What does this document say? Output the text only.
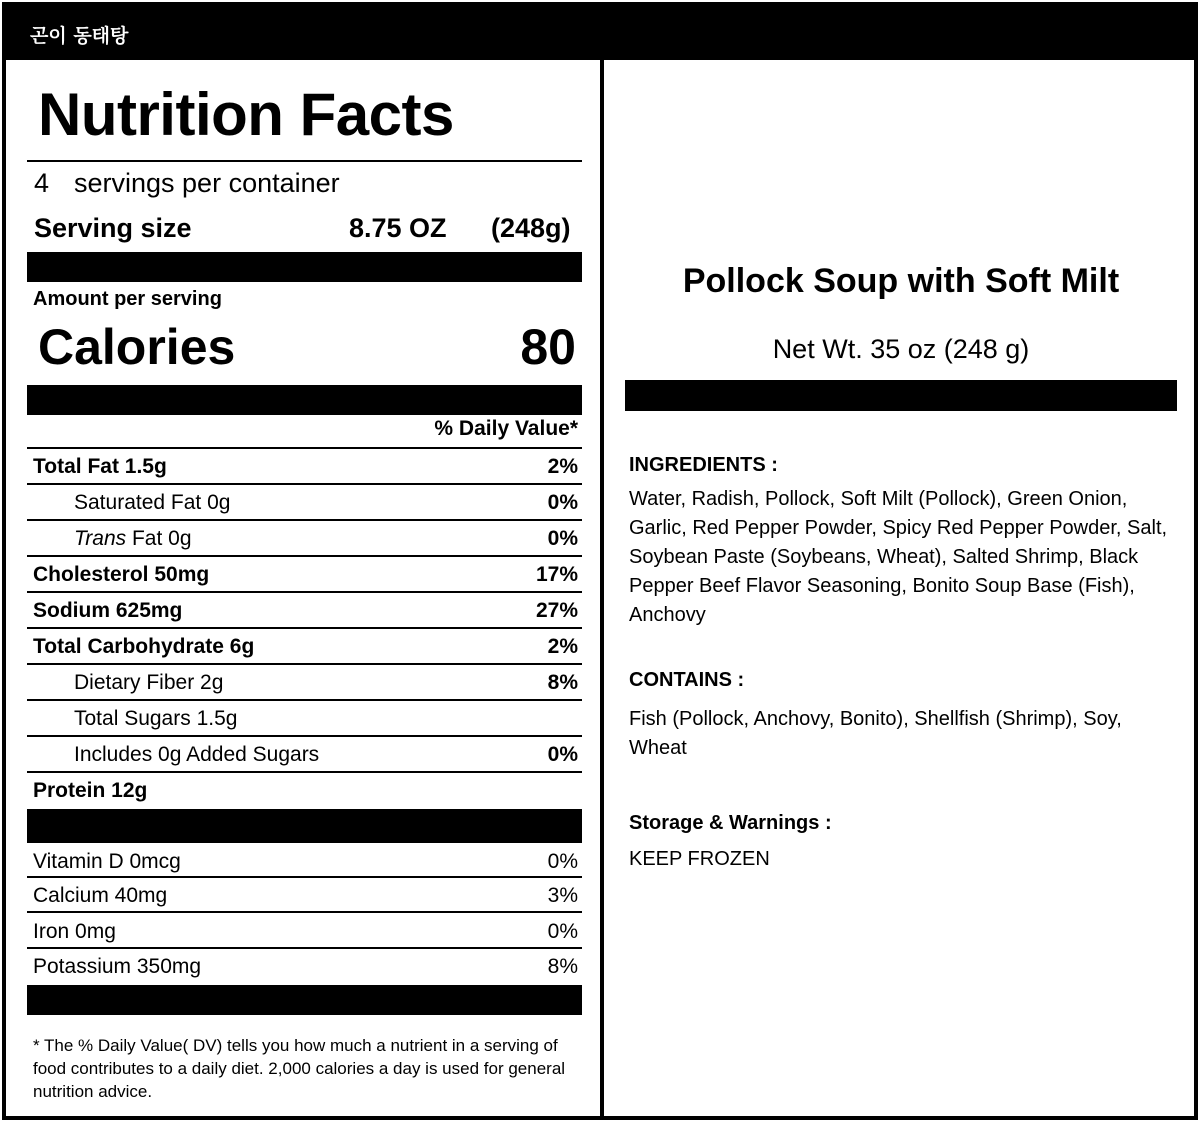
곤이 동태탕
Nutrition Facts
4 servings per container
Serving size	8.75 OZ (248g)
Amount per serving
Calories	80
% Daily Value*
Total Fat 1.5g	2%
Saturated Fat 0g	0%
Trans Fat 0g	0%
Cholesterol 50mg	17%
Sodium 625mg	27%
Total Carbohydrate 6g	2%
Dietary Fiber 2g	8%
Total Sugars 1.5g
Includes 0g Added Sugars	0%
Protein 12g
Vitamin D 0mcg	0%
Calcium 40mg	3%
Iron 0mg	0%
Potassium 350mg	8%
* The % Daily Value( DV) tells you how much a nutrient in a serving of food contributes to a daily diet. 2,000 calories a day is used for general nutrition advice.
Pollock Soup with Soft Milt
Net Wt. 35 oz (248 g)
INGREDIENTS :
Water, Radish, Pollock, Soft Milt (Pollock), Green Onion, Garlic, Red Pepper Powder, Spicy Red Pepper Powder, Salt, Soybean Paste (Soybeans, Wheat), Salted Shrimp, Black Pepper Beef Flavor Seasoning, Bonito Soup Base (Fish), Anchovy
CONTAINS :
Fish (Pollock, Anchovy, Bonito), Shellfish (Shrimp), Soy, Wheat
Storage & Warnings :
KEEP FROZEN
